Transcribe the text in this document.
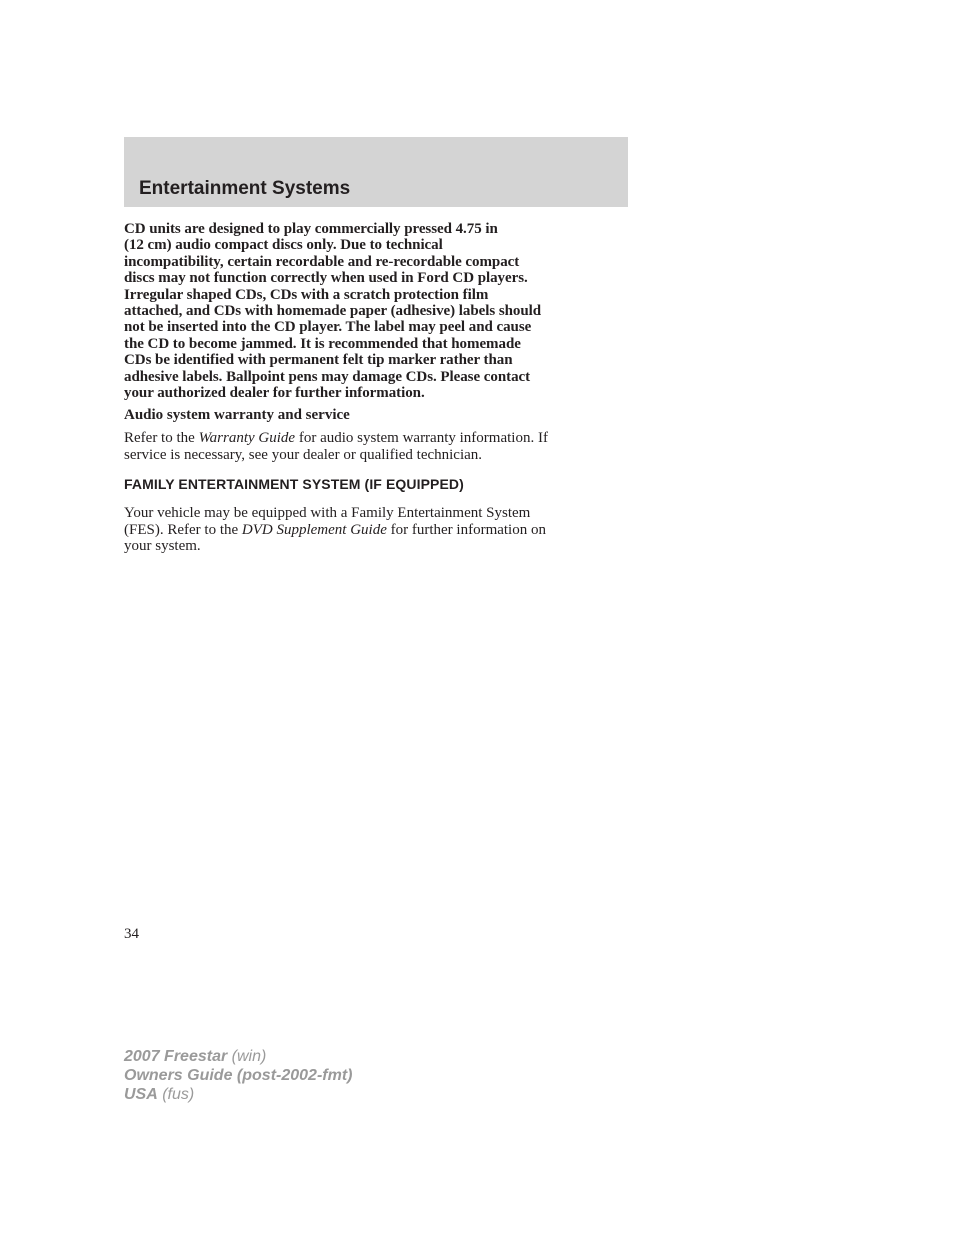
Entertainment Systems

CD units are designed to play commercially pressed 4.75 in

(12 cm) audio compact discs only. Due to technical

incompatibility, certain recordable and re-recordable compact

discs may not function correctly when used in Ford CD players.

Irregular shaped CDs, CDs with a scratch protection film

attached, and CDs with homemade paper (adhesive) labels should

not be inserted into the CD player. The label may peel and cause

the CD to become jammed. It is recommended that homemade

CDs be identified with permanent felt tip marker rather than

adhesive labels. Ballpoint pens may damage CDs. Please contact

your authorized dealer for further information.

Audio system warranty and service

Refer to the Warranty Guide for audio system warranty information. If

service is necessary, see your dealer or qualified technician.

FAMILY ENTERTAINMENT SYSTEM (IF EQUIPPED)

Your vehicle may be equipped with a Family Entertainment System

(FES). Refer to the DVD Supplement Guide for further information on

your system.

34
2007 Freestar (win)
Owners Guide (post-2002-fmt)
USA (fus)
